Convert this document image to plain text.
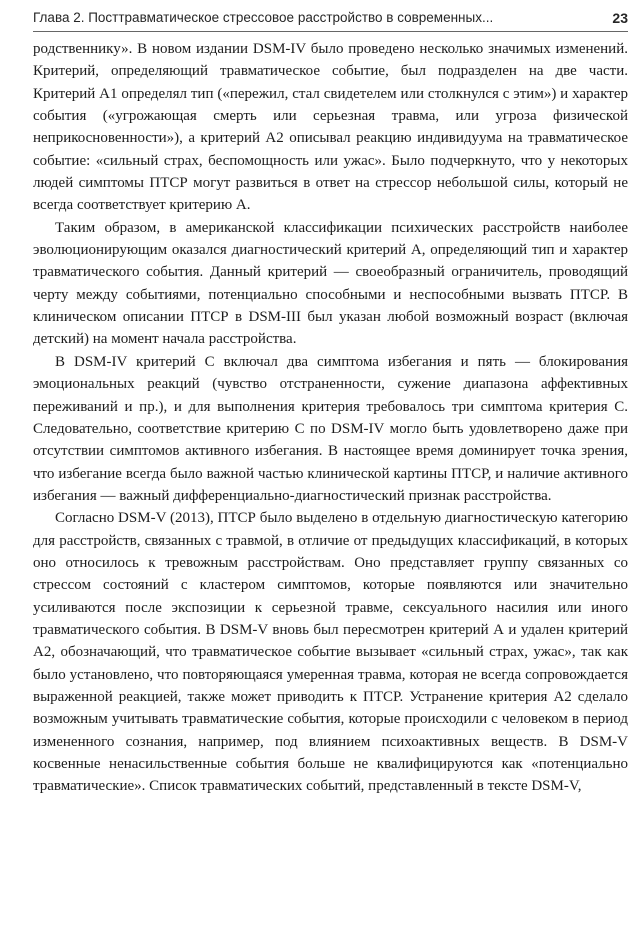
Глава 2. Посттравматическое стрессовое расстройство в современных...	23

родственнику». В новом издании DSM-IV было проведено несколько значимых изменений. Критерий, определяющий травматическое событие, был подразделен на две части. Критерий А1 определял тип («пережил, стал свидетелем или столкнулся с этим») и характер события («угрожающая смерть или серьезная травма, или угроза физической неприкосновенности»), а критерий А2 описывал реакцию индивидуума на травматическое событие: «сильный страх, беспомощность или ужас». Было подчеркнуто, что у некоторых людей симптомы ПТСР могут развиться в ответ на стрессор небольшой силы, который не всегда соответствует критерию А.

Таким образом, в американской классификации психических расстройств наиболее эволюционирующим оказался диагностический критерий А, определяющий тип и характер травматического события. Данный критерий — своеобразный ограничитель, проводящий черту между событиями, потенциально способными и неспособными вызвать ПТСР. В клиническом описании ПТСР в DSM-III был указан любой возможный возраст (включая детский) на момент начала расстройства.

В DSM-IV критерий С включал два симптома избегания и пять — блокирования эмоциональных реакций (чувство отстраненности, сужение диапазона аффективных переживаний и пр.), и для выполнения критерия требовалось три симптома критерия С. Следовательно, соответствие критерию С по DSM-IV могло быть удовлетворено даже при отсутствии симптомов активного избегания. В настоящее время доминирует точка зрения, что избегание всегда было важной частью клинической картины ПТСР, и наличие активного избегания — важный дифференциально-диагностический признак расстройства.

Согласно DSM-V (2013), ПТСР было выделено в отдельную диагностическую категорию для расстройств, связанных с травмой, в отличие от предыдущих классификаций, в которых оно относилось к тревожным расстройствам. Оно представляет группу связанных со стрессом состояний с кластером симптомов, которые появляются или значительно усиливаются после экспозиции к серьезной травме, сексуального насилия или иного травматического события. В DSM-V вновь был пересмотрен критерий А и удален критерий А2, обозначающий, что травматическое событие вызывает «сильный страх, ужас», так как было установлено, что повторяющаяся умеренная травма, которая не всегда сопровождается выраженной реакцией, также может приводить к ПТСР. Устранение критерия А2 сделало возможным учитывать травматические события, которые происходили с человеком в период измененного сознания, например, под влиянием психоактивных веществ. В DSM-V косвенные ненасильственные события больше не квалифицируются как «потенциально травматические». Список травматических событий, представленный в тексте DSM-V,
